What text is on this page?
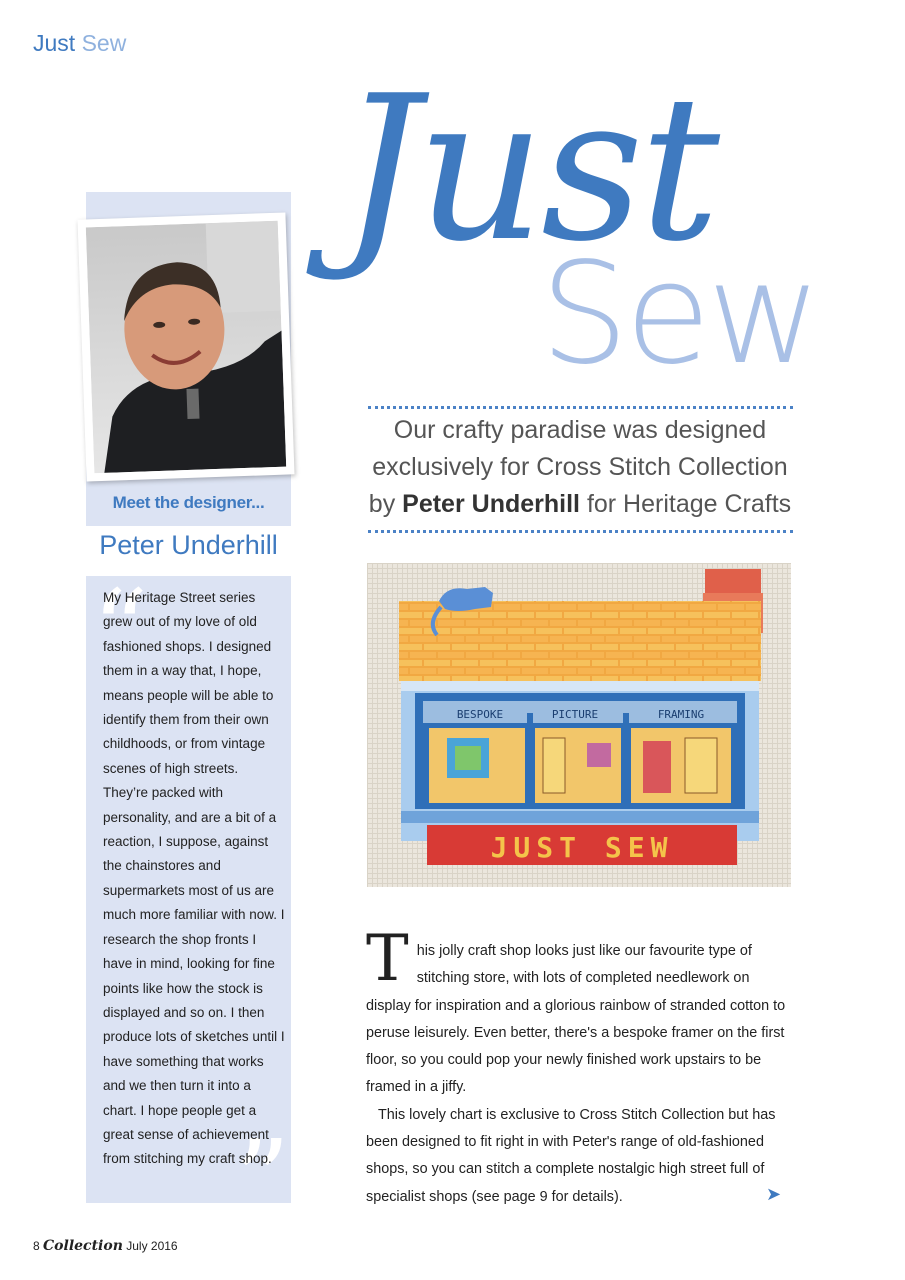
Just Sew
Just
Sew
Our crafty paradise was designed
exclusively for Cross Stitch Collection
by Peter Underhill for Heritage Crafts
Meet the designer...
Peter Underhill
“
”
My Heritage Street series grew out of my love of old fashioned shops. I designed them in a way that, I hope, means people will be able to identify them from their own childhoods, or from vintage scenes of high streets. They’re packed with personality, and are a bit of a reaction, I suppose, against the chainstores and supermarkets most of us are much more familiar with now. I research the shop fronts I have in mind, looking for fine points like how the stock is displayed and so on. I then produce lots of sketches until I have something that works and we then turn it into a chart. I hope people get a great sense of achievement from stitching my craft shop.
BESPOKE	PICTURE	FRAMING
JUST SEW

This jolly craft shop looks just like our favourite type of stitching store, with lots of completed needlework on display for inspiration and a glorious rainbow of stranded cotton to peruse leisurely. Even better, there's a bespoke framer on the first floor, so you could pop your newly finished work upstairs to be framed in a jiffy.

This lovely chart is exclusive to Cross Stitch Collection but has been designed to fit right in with Peter's range of old-fashioned shops, so you can stitch a complete nostalgic high street full of specialist shops (see page 9 for details).	➤
8 Collection July 2016
